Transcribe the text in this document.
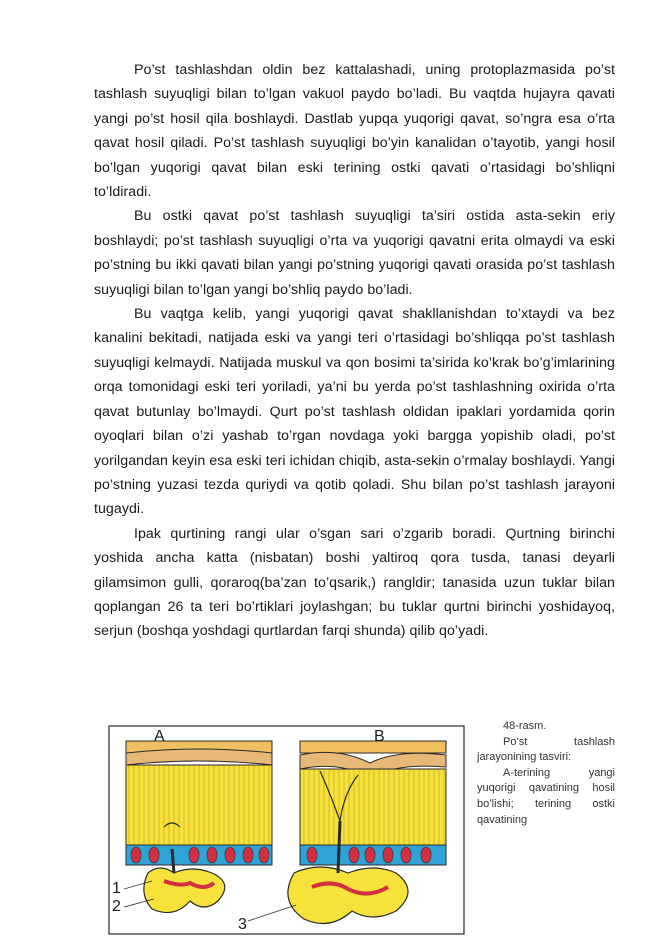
Po’st tashlashdan oldin bez kattalashadi, uning protoplazmasida po’st tashlash suyuqligi bilan to’lgan vakuol paydo bo’ladi. Bu vaqtda hujayra qavati yangi po’st hosil qila boshlaydi. Dastlab yupqa yuqorigi qavat, so’ngra esa o’rta qavat hosil qiladi. Po’st tashlash suyuqligi bo’yin kanalidan o’tayotib, yangi hosil bo’lgan yuqorigi qavat bilan eski terining ostki qavati o’rtasidagi bo’shliqni to’ldiradi.

Bu ostki qavat po’st tashlash suyuqligi ta’siri ostida asta-sekin eriy boshlaydi; po’st tashlash suyuqligi o’rta va yuqorigi qavatni erita olmaydi va eski po’stning bu ikki qavati bilan yangi po’stning yuqorigi qavati orasida po’st tashlash suyuqligi bilan to’lgan yangi bo’shliq paydo bo’ladi.

Bu vaqtga kelib, yangi yuqorigi qavat shakllanishdan to’xtaydi va bez kanalini bekitadi, natijada eski va yangi teri o’rtasidagi bo’shliqqa po’st tashlash suyuqligi kelmaydi. Natijada muskul va qon bosimi ta’sirida ko’krak bo’g’imlarining orqa tomonidagi eski teri yoriladi, ya’ni bu yerda po’st tashlashning oxirida o’rta qavat butunlay bo’lmaydi. Qurt po’st tashlash oldidan ipaklari yordamida qorin oyoqlari bilan o’zi yashab to’rgan novdaga yoki bargga yopishib oladi, po’st yorilgandan keyin esa eski teri ichidan chiqib, asta-sekin o’rmalay boshlaydi. Yangi po’stning yuzasi tezda quriydi va qotib qoladi. Shu bilan po’st tashlash jarayoni tugaydi.

Ipak qurtining rangi ular o’sgan sari o’zgarib boradi. Qurtning birinchi yoshida ancha katta (nisbatan) boshi yaltiroq qora tusda, tanasi deyarli gilamsimon gulli, qoraroq(ba’zan to’qsarik,) rangldir; tanasida uzun tuklar bilan qoplangan 26 ta teri bo’rtiklari joylashgan; bu tuklar qurtni birinchi yoshidayoq, serjun (boshqa yoshdagi qurtlardan farqi shunda) qilib qo’yadi.

A	B
1
2
3

48-rasm.

Po’st tashlash jarayonining tasviri:

A-terining yangi yuqorigi qavatining hosil bo’lishi; terining ostki qavatining
